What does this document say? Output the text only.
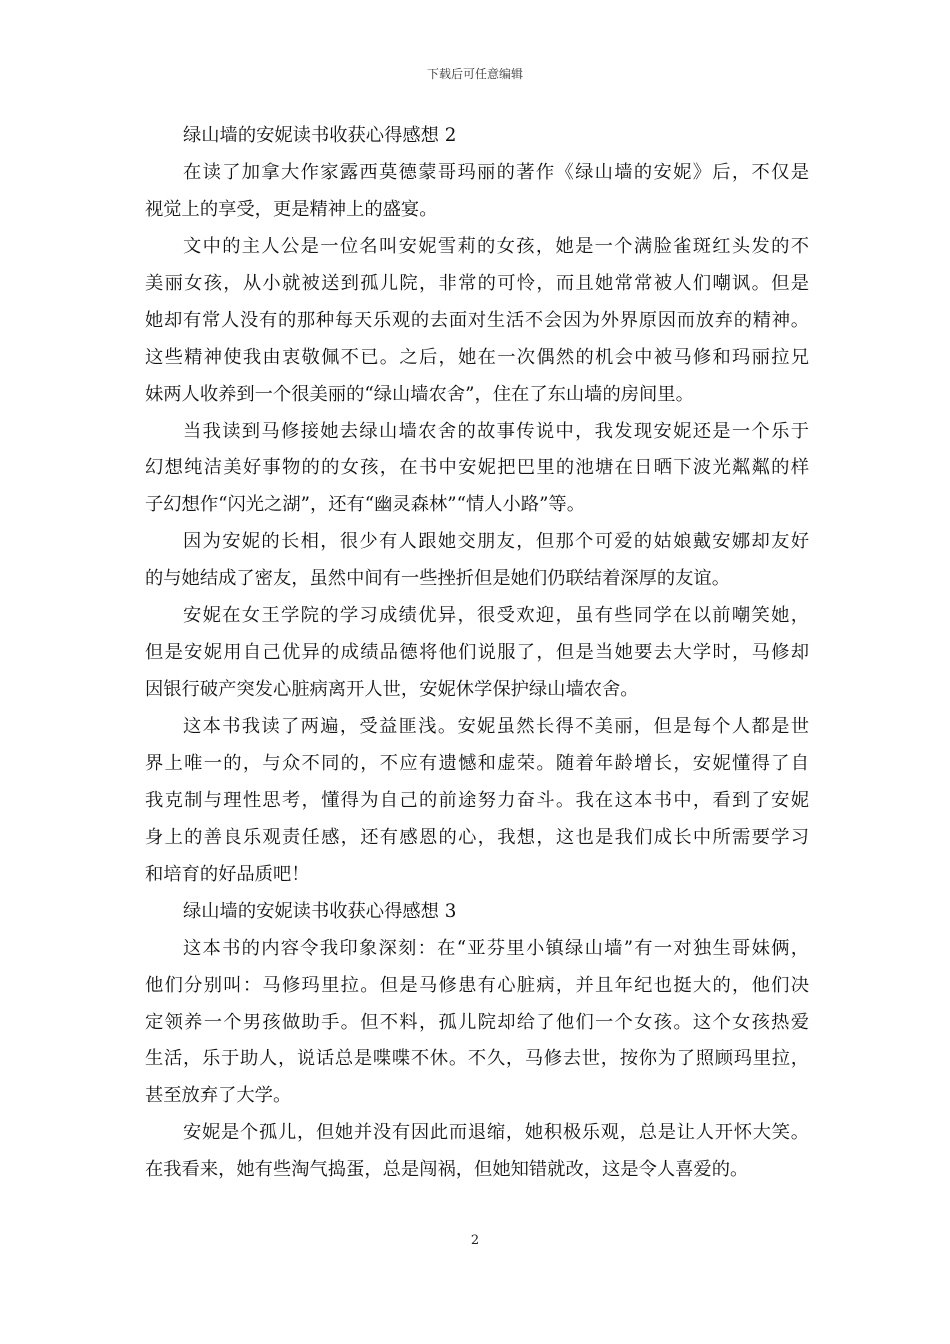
下载后可任意编辑
绿山墙的安妮读书收获心得感想 2
在读了加拿大作家露西莫德蒙哥玛丽的著作《绿山墙的安妮》后，不仅是
视觉上的享受，更是精神上的盛宴。
文中的主人公是一位名叫安妮雪莉的女孩，她是一个满脸雀斑红头发的不
美丽女孩，从小就被送到孤儿院，非常的可怜，而且她常常被人们嘲讽。但是
她却有常人没有的那种每天乐观的去面对生活不会因为外界原因而放弃的精神。
这些精神使我由衷敬佩不已。之后，她在一次偶然的机会中被马修和玛丽拉兄
妹两人收养到一个很美丽的“绿山墙农舍”，住在了东山墙的房间里。
当我读到马修接她去绿山墙农舍的故事传说中，我发现安妮还是一个乐于
幻想纯洁美好事物的的女孩，在书中安妮把巴里的池塘在日晒下波光粼粼的样
子幻想作“闪光之湖”，还有“幽灵森林”“情人小路”等。
因为安妮的长相，很少有人跟她交朋友，但那个可爱的姑娘戴安娜却友好
的与她结成了密友，虽然中间有一些挫折但是她们仍联结着深厚的友谊。
安妮在女王学院的学习成绩优异，很受欢迎，虽有些同学在以前嘲笑她，
但是安妮用自己优异的成绩品德将他们说服了，但是当她要去大学时，马修却
因银行破产突发心脏病离开人世，安妮休学保护绿山墙农舍。
这本书我读了两遍，受益匪浅。安妮虽然长得不美丽，但是每个人都是世
界上唯一的，与众不同的，不应有遗憾和虚荣。随着年龄增长，安妮懂得了自
我克制与理性思考，懂得为自己的前途努力奋斗。我在这本书中，看到了安妮
身上的善良乐观责任感，还有感恩的心，我想，这也是我们成长中所需要学习
和培育的好品质吧！
绿山墙的安妮读书收获心得感想 3
这本书的内容令我印象深刻：在“亚芬里小镇绿山墙”有一对独生哥妹俩，
他们分别叫：马修玛里拉。但是马修患有心脏病，并且年纪也挺大的，他们决
定领养一个男孩做助手。但不料，孤儿院却给了他们一个女孩。这个女孩热爱
生活，乐于助人，说话总是喋喋不休。不久，马修去世，按你为了照顾玛里拉，
甚至放弃了大学。
安妮是个孤儿，但她并没有因此而退缩，她积极乐观，总是让人开怀大笑。
在我看来，她有些淘气捣蛋，总是闯祸，但她知错就改，这是令人喜爱的。
2
